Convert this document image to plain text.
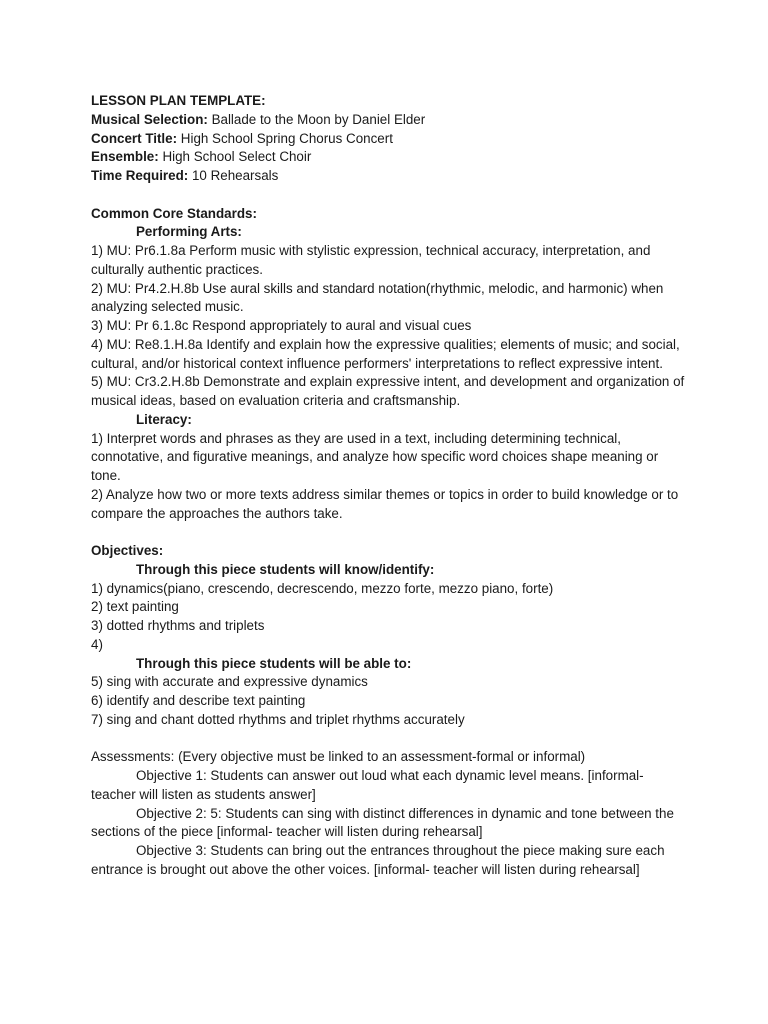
LESSON PLAN TEMPLATE:
Musical Selection: Ballade to the Moon by Daniel Elder
Concert Title: High School Spring Chorus Concert
Ensemble: High School Select Choir
Time Required: 10 Rehearsals
Common Core Standards:
Performing Arts:
1) MU: Pr6.1.8a Perform music with stylistic expression, technical accuracy, interpretation, and culturally authentic practices.
2) MU: Pr4.2.H.8b Use aural skills and standard notation(rhythmic, melodic, and harmonic) when analyzing selected music.
3) MU: Pr 6.1.8c Respond appropriately to aural and visual cues
4) MU: Re8.1.H.8a Identify and explain how the expressive qualities; elements of music; and social, cultural, and/or historical context influence performers' interpretations to reflect expressive intent.
5) MU: Cr3.2.H.8b Demonstrate and explain expressive intent, and development and organization of musical ideas, based on evaluation criteria and craftsmanship.
Literacy:
1) Interpret words and phrases as they are used in a text, including determining technical, connotative, and figurative meanings, and analyze how specific word choices shape meaning or tone.
2) Analyze how two or more texts address similar themes or topics in order to build knowledge or to compare the approaches the authors take.
Objectives:
Through this piece students will know/identify:
1) dynamics(piano, crescendo, decrescendo, mezzo forte, mezzo piano, forte)
2) text painting
3) dotted rhythms and triplets
4)
Through this piece students will be able to:
5) sing with accurate and expressive dynamics
6) identify and describe text painting
7) sing and chant dotted rhythms and triplet rhythms accurately
Assessments: (Every objective must be linked to an assessment-formal or informal)
Objective 1: Students can answer out loud what each dynamic level means. [informal- teacher will listen as students answer]
Objective 2: 5: Students can sing with distinct differences in dynamic and tone between the sections of the piece [informal- teacher will listen during rehearsal]
Objective 3: Students can bring out the entrances throughout the piece making sure each entrance is brought out above the other voices. [informal- teacher will listen during rehearsal]
